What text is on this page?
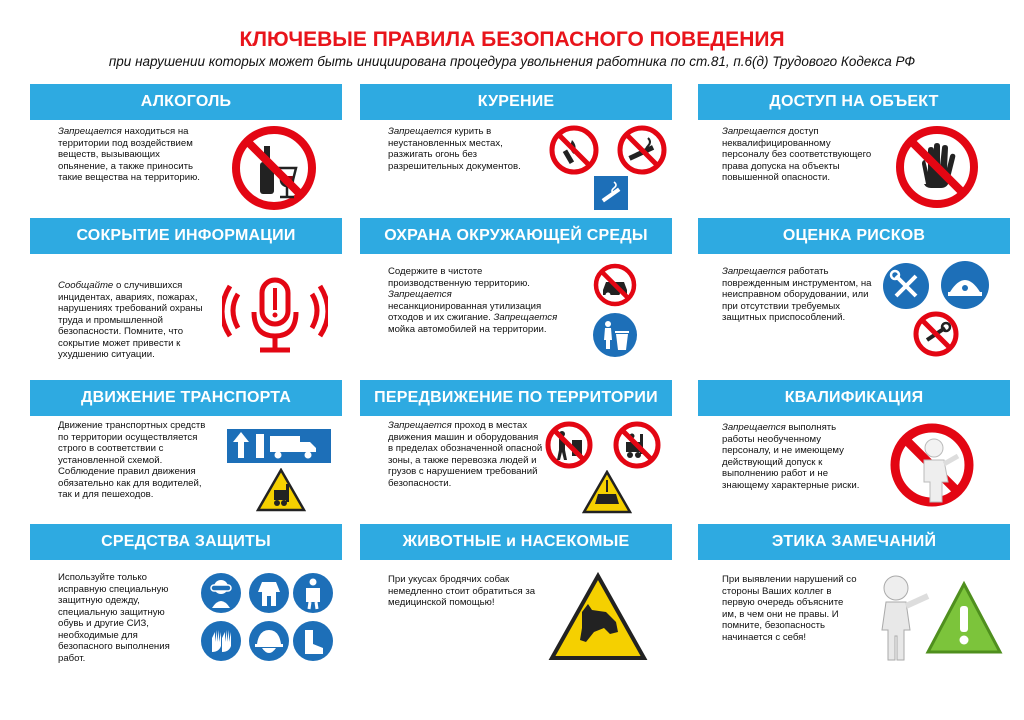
КЛЮЧЕВЫЕ ПРАВИЛА БЕЗОПАСНОГО ПОВЕДЕНИЯ
при нарушении которых может быть инициирована процедура увольнения работника по ст.81, п.6(д) Трудового Кодекса РФ
АЛКОГОЛЬ
Запрещается находиться на территории под воздействием веществ, вызывающих опьянение, а также приносить такие вещества на территорию.
КУРЕНИЕ
Запрещается курить в неустановленных местах, разжигать огонь без разрешительных документов.
ДОСТУП НА ОБЪЕКТ
Запрещается доступ неквалифицированному персоналу без соответствующего права допуска на объекты повышенной опасности.
СОКРЫТИЕ ИНФОРМАЦИИ
Сообщайте о случившихся инцидентах, авариях, пожарах, нарушениях требований охраны труда и промышленной безопасности. Помните, что сокрытие может привести к ухудшению ситуации.
ОХРАНА ОКРУЖАЮЩЕЙ СРЕДЫ
Содержите в чистоте производственную территорию.
Запрещается
несанкционированная утилизация отходов и их сжигание. Запрещается мойка автомобилей на территории.
ОЦЕНКА РИСКОВ
Запрещается работать поврежденным инструментом, на неисправном оборудовании, или при отсутствии требуемых защитных приспособлений.
ДВИЖЕНИЕ ТРАНСПОРТА
Движение транспортных средств по территории осуществляется строго в соответствии с установленной схемой. Соблюдение правил движения обязательно как для водителей, так и для пешеходов.
ПЕРЕДВИЖЕНИЕ ПО ТЕРРИТОРИИ
Запрещается проход в местах движения машин и оборудования в пределах обозначенной опасной зоны, а также перевозка людей и грузов с нарушением требований безопасности.
КВАЛИФИКАЦИЯ
Запрещается выполнять работы необученному персоналу, и не имеющему действующий допуск к выполнению работ и не знающему характерные риски.
СРЕДСТВА ЗАЩИТЫ
Используйте только исправную специальную защитную одежду, специальную защитную обувь и другие СИЗ, необходимые для безопасного выполнения работ.
ЖИВОТНЫЕ и НАСЕКОМЫЕ
При укусах бродячих собак немедленно стоит обратиться за медицинской помощью!
ЭТИКА ЗАМЕЧАНИЙ
При выявлении нарушений со стороны Ваших коллег в первую очередь объясните им, в чем они не правы. И помните, безопасность начинается с себя!
